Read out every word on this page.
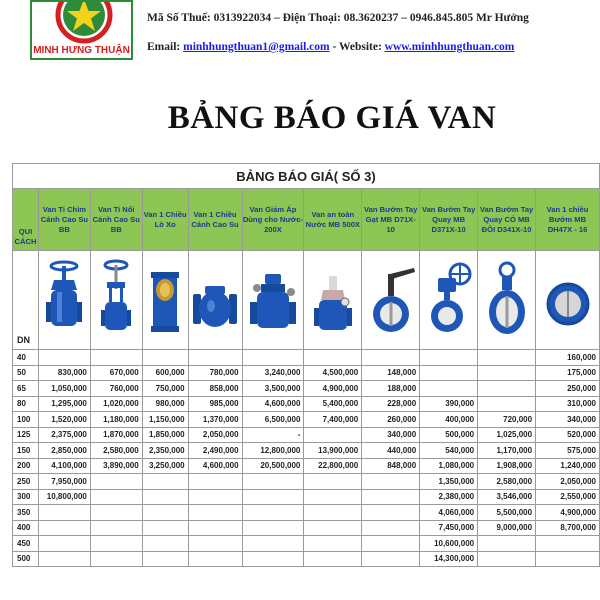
MINH HƯNG THUẬN
Mã Số Thuế: 0313922034 – Điện Thoại: 08.3620237 – 0946.845.805 Mr Hưởng
Email: minhhungthuan1@gmail.com - Website: www.minhhungthuan.com
BẢNG BÁO GIÁ VAN
BẢNG BÁO GIÁ( SỐ 3)										
QUI CÁCH	Van Ti Chìm Cánh Cao Su BB	Van Ti Nổi Cánh Cao Su BB	Van 1 Chiều Lò Xo	Van 1 Chiều Cánh Cao Su	Van Giảm Áp Dùng cho Nước- 200X	Van an toàn Nước MB 500X	Van Bướm Tay Gạt MB D71X-10	Van Bướm Tay Quay MB D371X-10	Van Bướm Tay Quay CÓ MB ĐÔI D341X-10	Van 1 chiều Bướm MB DH47X - 16
DN	

40										160,000
50	830,000	670,000	600,000	780,000	3,240,000	4,500,000	148,000			175,000
65	1,050,000	760,000	750,000	858,000	3,500,000	4,900,000	188,000			250,000
80	1,295,000	1,020,000	980,000	985,000	4,600,000	5,400,000	228,000	390,000		310,000
100	1,520,000	1,180,000	1,150,000	1,370,000	6,500,000	7,400,000	260,000	400,000	720,000	340,000
125	2,375,000	1,870,000	1,850,000	2,050,000	-		340,000	500,000	1,025,000	520,000
150	2,850,000	2,580,000	2,350,000	2,490,000	12,800,000	13,900,000	440,000	540,000	1,170,000	575,000
200	4,100,000	3,890,000	3,250,000	4,600,000	20,500,000	22,800,000	848,000	1,080,000	1,908,000	1,240,000
250	7,950,000							1,350,000	2,580,000	2,050,000
300	10,800,000							2,380,000	3,546,000	2,550,000
350								4,060,000	5,500,000	4,900,000
400								7,450,000	9,000,000	8,700,000
450								10,600,000		
500								14,300,000		
